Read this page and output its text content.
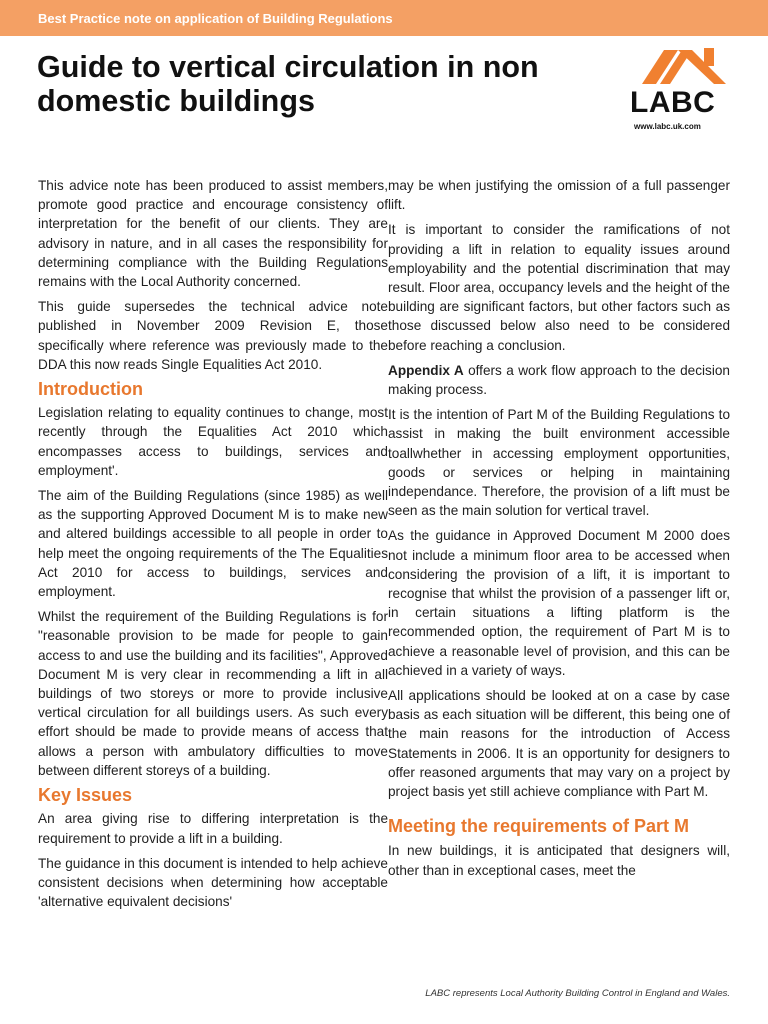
Best Practice note on application of Building Regulations
Guide to vertical circulation in non domestic buildings	LABC
www.labc.uk.com

This advice note has been produced to assist members, promote good practice and encourage consistency of interpretation for the benefit of our clients. They are advisory in nature, and in all cases the responsibility for determining compliance with the Building Regulations remains with the Local Authority concerned.

This guide supersedes the technical advice note published in November 2009 Revision E, those specifically where reference was previously made to the DDA this now reads Single Equalities Act 2010.

Introduction

Legislation relating to equality continues to change, most recently through the Equalities Act 2010 which encompasses access to buildings, services and employment'.

The aim of the Building Regulations (since 1985) as well as the supporting Approved Document M is to make new and altered buildings accessible to all people in order to help meet the ongoing requirements of the The Equalities Act 2010 for access to buildings, services and employment.

Whilst the requirement of the Building Regulations is for "reasonable provision to be made for people to gain access to and use the building and its facilities", Approved Document M is very clear in recommending a lift in all buildings of two storeys or more to provide inclusive vertical circulation for all buildings users. As such every effort should be made to provide means of access that allows a person with ambulatory difficulties to move between different storeys of a building.

Key Issues

An area giving rise to differing interpretation is the requirement to provide a lift in a building.

The guidance in this document is intended to help achieve consistent decisions when determining how acceptable 'alternative equivalent decisions'

may be when justifying the omission of a full passenger lift.

It is important to consider the ramifications of not providing a lift in relation to equality issues around employability and the potential discrimination that may result. Floor area, occupancy levels and the height of the building are significant factors, but other factors such as those discussed below also need to be considered before reaching a conclusion.

Appendix A offers a work flow approach to the decision making process.

It is the intention of Part M of the Building Regulations to assist in making the built environment accessible toallwhether in accessing employment opportunities, goods or services or helping in maintaining independance. Therefore, the provision of a lift must be seen as the main solution for vertical travel.

As the guidance in Approved Document M 2000 does not include a minimum floor area to be accessed when considering the provision of a lift, it is important to recognise that whilst the provision of a passenger lift or, in certain situations a lifting platform is the recommended option, the requirement of Part M is to achieve a reasonable level of provision, and this can be achieved in a variety of ways.

All applications should be looked at on a case by case basis as each situation will be different, this being one of the main reasons for the introduction of Access Statements in 2006. It is an opportunity for designers to offer reasoned arguments that may vary on a project by project basis yet still achieve compliance with Part M.

Meeting the requirements of Part M

In new buildings, it is anticipated that designers will, other than in exceptional cases, meet the

LABC represents Local Authority Building Control in England and Wales.
